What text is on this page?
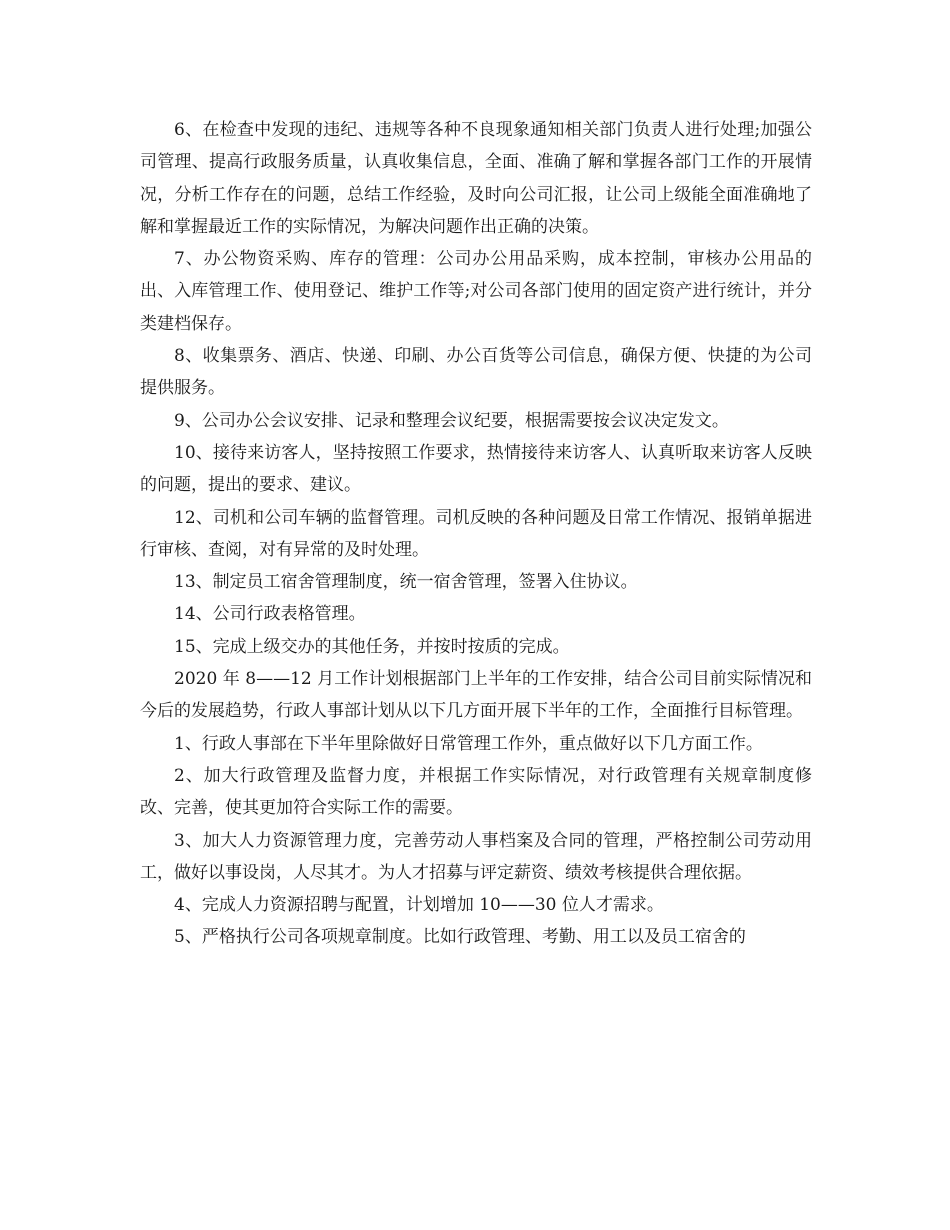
6、在检查中发现的违纪、违规等各种不良现象通知相关部门负责人进行处理;加强公司管理、提高行政服务质量，认真收集信息，全面、准确了解和掌握各部门工作的开展情况，分析工作存在的问题，总结工作经验，及时向公司汇报，让公司上级能全面准确地了解和掌握最近工作的实际情况，为解决问题作出正确的决策。

7、办公物资采购、库存的管理：公司办公用品采购，成本控制，审核办公用品的出、入库管理工作、使用登记、维护工作等;对公司各部门使用的固定资产进行统计，并分类建档保存。

8、收集票务、酒店、快递、印刷、办公百货等公司信息，确保方便、快捷的为公司提供服务。

9、公司办公会议安排、记录和整理会议纪要，根据需要按会议决定发文。

10、接待来访客人，坚持按照工作要求，热情接待来访客人、认真听取来访客人反映的问题，提出的要求、建议。

12、司机和公司车辆的监督管理。司机反映的各种问题及日常工作情况、报销单据进行审核、查阅，对有异常的及时处理。

13、制定员工宿舍管理制度，统一宿舍管理，签署入住协议。

14、公司行政表格管理。

15、完成上级交办的其他任务，并按时按质的完成。

2020 年 8——12 月工作计划根据部门上半年的工作安排，结合公司目前实际情况和今后的发展趋势，行政人事部计划从以下几方面开展下半年的工作，全面推行目标管理。

1、行政人事部在下半年里除做好日常管理工作外，重点做好以下几方面工作。

2、加大行政管理及监督力度，并根据工作实际情况，对行政管理有关规章制度修改、完善，使其更加符合实际工作的需要。

3、加大人力资源管理力度，完善劳动人事档案及合同的管理，严格控制公司劳动用工，做好以事设岗，人尽其才。为人才招募与评定薪资、绩效考核提供合理依据。

4、完成人力资源招聘与配置，计划增加 10——30 位人才需求。

5、严格执行公司各项规章制度。比如行政管理、考勤、用工以及员工宿舍的
